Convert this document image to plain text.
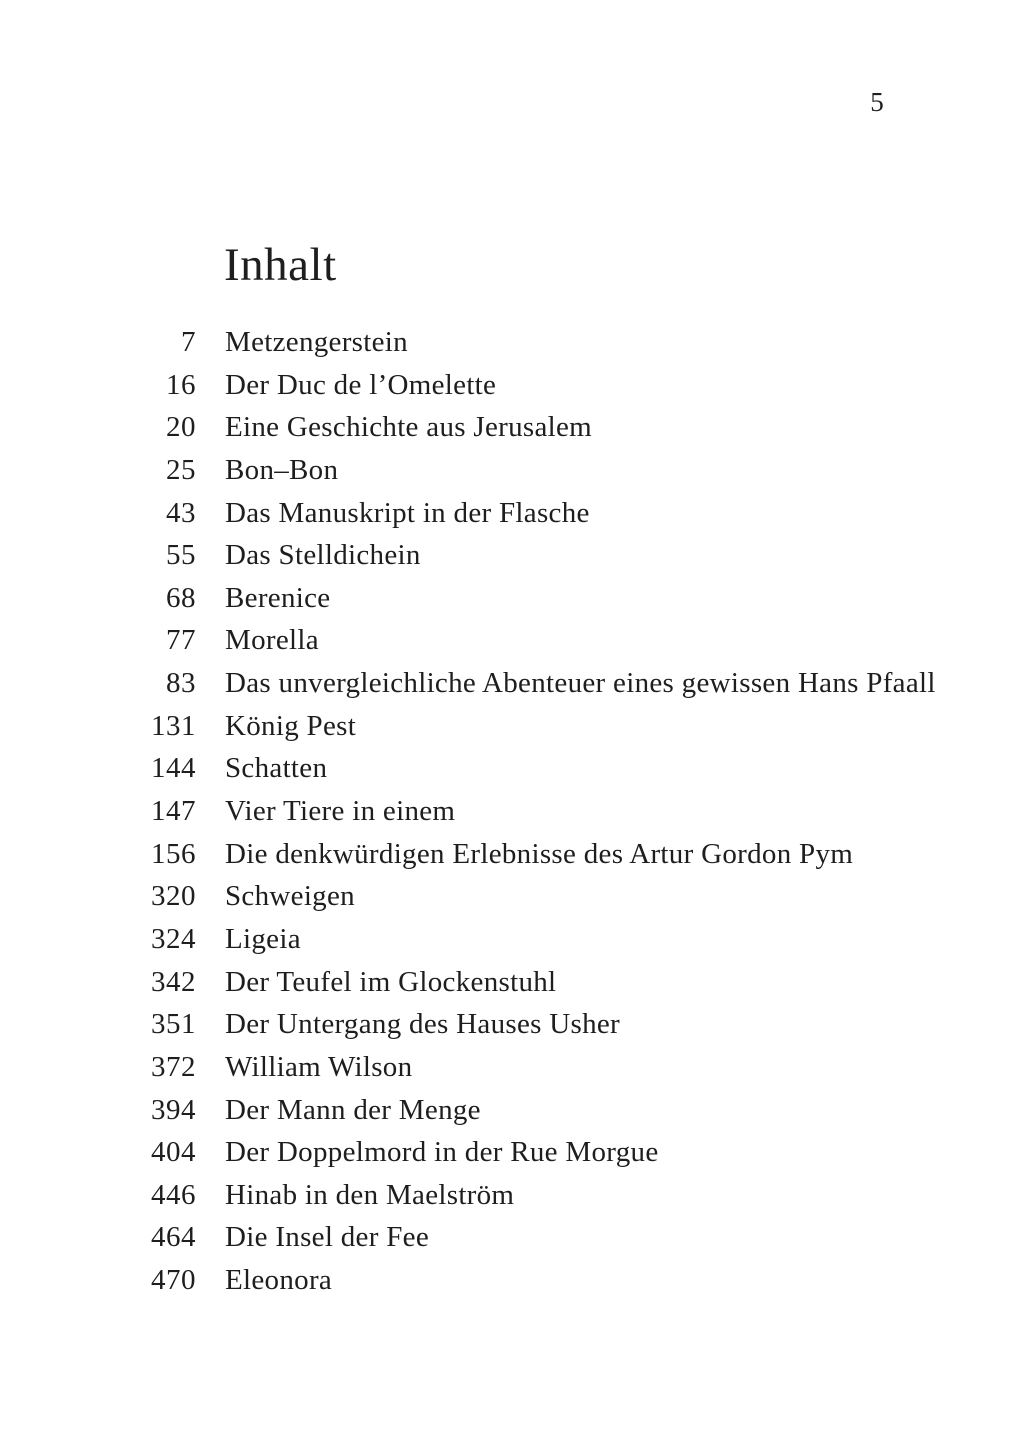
5
Inhalt
7 Metzengerstein
16 Der Duc de l’Omelette
20 Eine Geschichte aus Jerusalem
25 Bon–Bon
43 Das Manuskript in der Flasche
55 Das Stelldichein
68 Berenice
77 Morella
83 Das unvergleichliche Abenteuer eines gewissen Hans Pfaall
131 König Pest
144 Schatten
147 Vier Tiere in einem
156 Die denkwürdigen Erlebnisse des Artur Gordon Pym
320 Schweigen
324 Ligeia
342 Der Teufel im Glockenstuhl
351 Der Untergang des Hauses Usher
372 William Wilson
394 Der Mann der Menge
404 Der Doppelmord in der Rue Morgue
446 Hinab in den Maelström
464 Die Insel der Fee
470 Eleonora
